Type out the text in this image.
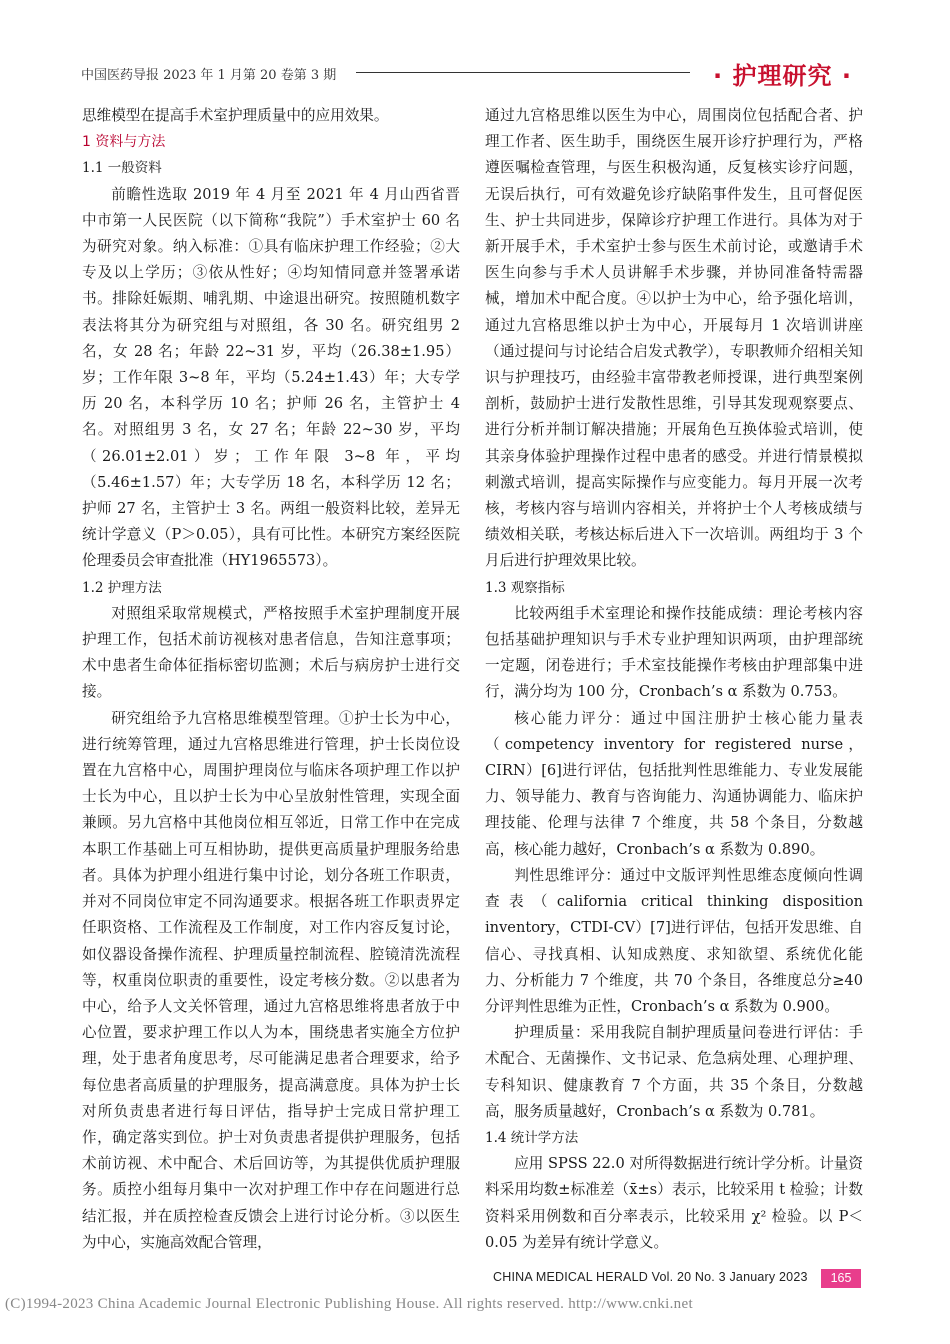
中国医药导报 2023 年 1 月第 20 卷第 3 期	· 护理研究 ·

思维模型在提高手术室护理质量中的应用效果。

1 资料与方法

1.1 一般资料

前瞻性选取 2019 年 4 月至 2021 年 4 月山西省晋中市第一人民医院（以下简称“我院”）手术室护士 60 名为研究对象。纳入标准：①具有临床护理工作经验；②大专及以上学历；③依从性好；④均知情同意并签署承诺书。排除妊娠期、哺乳期、中途退出研究。按照随机数字表法将其分为研究组与对照组，各 30 名。研究组男 2 名，女 28 名；年龄 22~31 岁，平均（26.38±1.95）岁；工作年限 3~8 年，平均（5.24±1.43）年；大专学历 20 名，本科学历 10 名；护师 26 名，主管护士 4 名。对照组男 3 名，女 27 名；年龄 22~30 岁，平均（26.01±2.01）岁；工作年限 3~8 年，平均（5.46±1.57）年；大专学历 18 名，本科学历 12 名；护师 27 名，主管护士 3 名。两组一般资料比较，差异无统计学意义（P＞0.05），具有可比性。本研究方案经医院伦理委员会审查批准（HY1965573）。

1.2 护理方法

对照组采取常规模式，严格按照手术室护理制度开展护理工作，包括术前访视核对患者信息，告知注意事项；术中患者生命体征指标密切监测；术后与病房护士进行交接。

研究组给予九宫格思维模型管理。①护士长为中心，进行统筹管理，通过九宫格思维进行管理，护士长岗位设置在九宫格中心，周围护理岗位与临床各项护理工作以护士长为中心，且以护士长为中心呈放射性管理，实现全面兼顾。另九宫格中其他岗位相互邻近，日常工作中在完成本职工作基础上可互相协助，提供更高质量护理服务给患者。具体为护理小组进行集中讨论，划分各班工作职责，并对不同岗位审定不同沟通要求。根据各班工作职责界定任职资格、工作流程及工作制度，对工作内容反复讨论，如仪器设备操作流程、护理质量控制流程、腔镜清洗流程等，权重岗位职责的重要性，设定考核分数。②以患者为中心，给予人文关怀管理，通过九宫格思维将患者放于中心位置，要求护理工作以人为本，围绕患者实施全方位护理，处于患者角度思考，尽可能满足患者合理要求，给予每位患者高质量的护理服务，提高满意度。具体为护士长对所负责患者进行每日评估，指导护士完成日常护理工作，确定落实到位。护士对负责患者提供护理服务，包括术前访视、术中配合、术后回访等，为其提供优质护理服务。质控小组每月集中一次对护理工作中存在问题进行总结汇报，并在质控检查反馈会上进行讨论分析。③以医生为中心，实施高效配合管理，

通过九宫格思维以医生为中心，周围岗位包括配合者、护理工作者、医生助手，围绕医生展开诊疗护理行为，严格遵医嘱检查管理，与医生积极沟通，反复核实诊疗问题，无误后执行，可有效避免诊疗缺陷事件发生，且可督促医生、护士共同进步，保障诊疗护理工作进行。具体为对于新开展手术，手术室护士参与医生术前讨论，或邀请手术医生向参与手术人员讲解手术步骤，并协同准备特需器械，增加术中配合度。④以护士为中心，给予强化培训，通过九宫格思维以护士为中心，开展每月 1 次培训讲座（通过提问与讨论结合启发式教学），专职教师介绍相关知识与护理技巧，由经验丰富带教老师授课，进行典型案例剖析，鼓励护士进行发散性思维，引导其发现观察要点、进行分析并制订解决措施；开展角色互换体验式培训，使其亲身体验护理操作过程中患者的感受。并进行情景模拟刺激式培训，提高实际操作与应变能力。每月开展一次考核，考核内容与培训内容相关，并将护士个人考核成绩与绩效相关联，考核达标后进入下一次培训。两组均于 3 个月后进行护理效果比较。

1.3 观察指标

比较两组手术室理论和操作技能成绩：理论考核内容包括基础护理知识与手术专业护理知识两项，由护理部统一定题，闭卷进行；手术室技能操作考核由护理部集中进行，满分均为 100 分，Cronbach’s α 系数为 0.753。

核心能力评分：通过中国注册护士核心能力量表（competency inventory for registered nurse，CIRN）[6]进行评估，包括批判性思维能力、专业发展能力、领导能力、教育与咨询能力、沟通协调能力、临床护理技能、伦理与法律 7 个维度，共 58 个条目，分数越高，核心能力越好，Cronbach’s α 系数为 0.890。

判性思维评分：通过中文版评判性思维态度倾向性调查表（california critical thinking disposition inventory，CTDI-CV）[7]进行评估，包括开发思维、自信心、寻找真相、认知成熟度、求知欲望、系统优化能力、分析能力 7 个维度，共 70 个条目，各维度总分≥40 分评判性思维为正性，Cronbach’s α 系数为 0.900。

护理质量：采用我院自制护理质量问卷进行评估：手术配合、无菌操作、文书记录、危急病处理、心理护理、专科知识、健康教育 7 个方面，共 35 个条目，分数越高，服务质量越好，Cronbach’s α 系数为 0.781。

1.4 统计学方法

应用 SPSS 22.0 对所得数据进行统计学分析。计量资料采用均数±标准差（x̄±s）表示，比较采用 t 检验；计数资料采用例数和百分率表示，比较采用 χ² 检验。以 P＜0.05 为差异有统计学意义。

CHINA MEDICAL HERALD Vol. 20 No. 3 January 2023	165
(C)1994-2023 China Academic Journal Electronic Publishing House. All rights reserved. http://www.cnki.net
